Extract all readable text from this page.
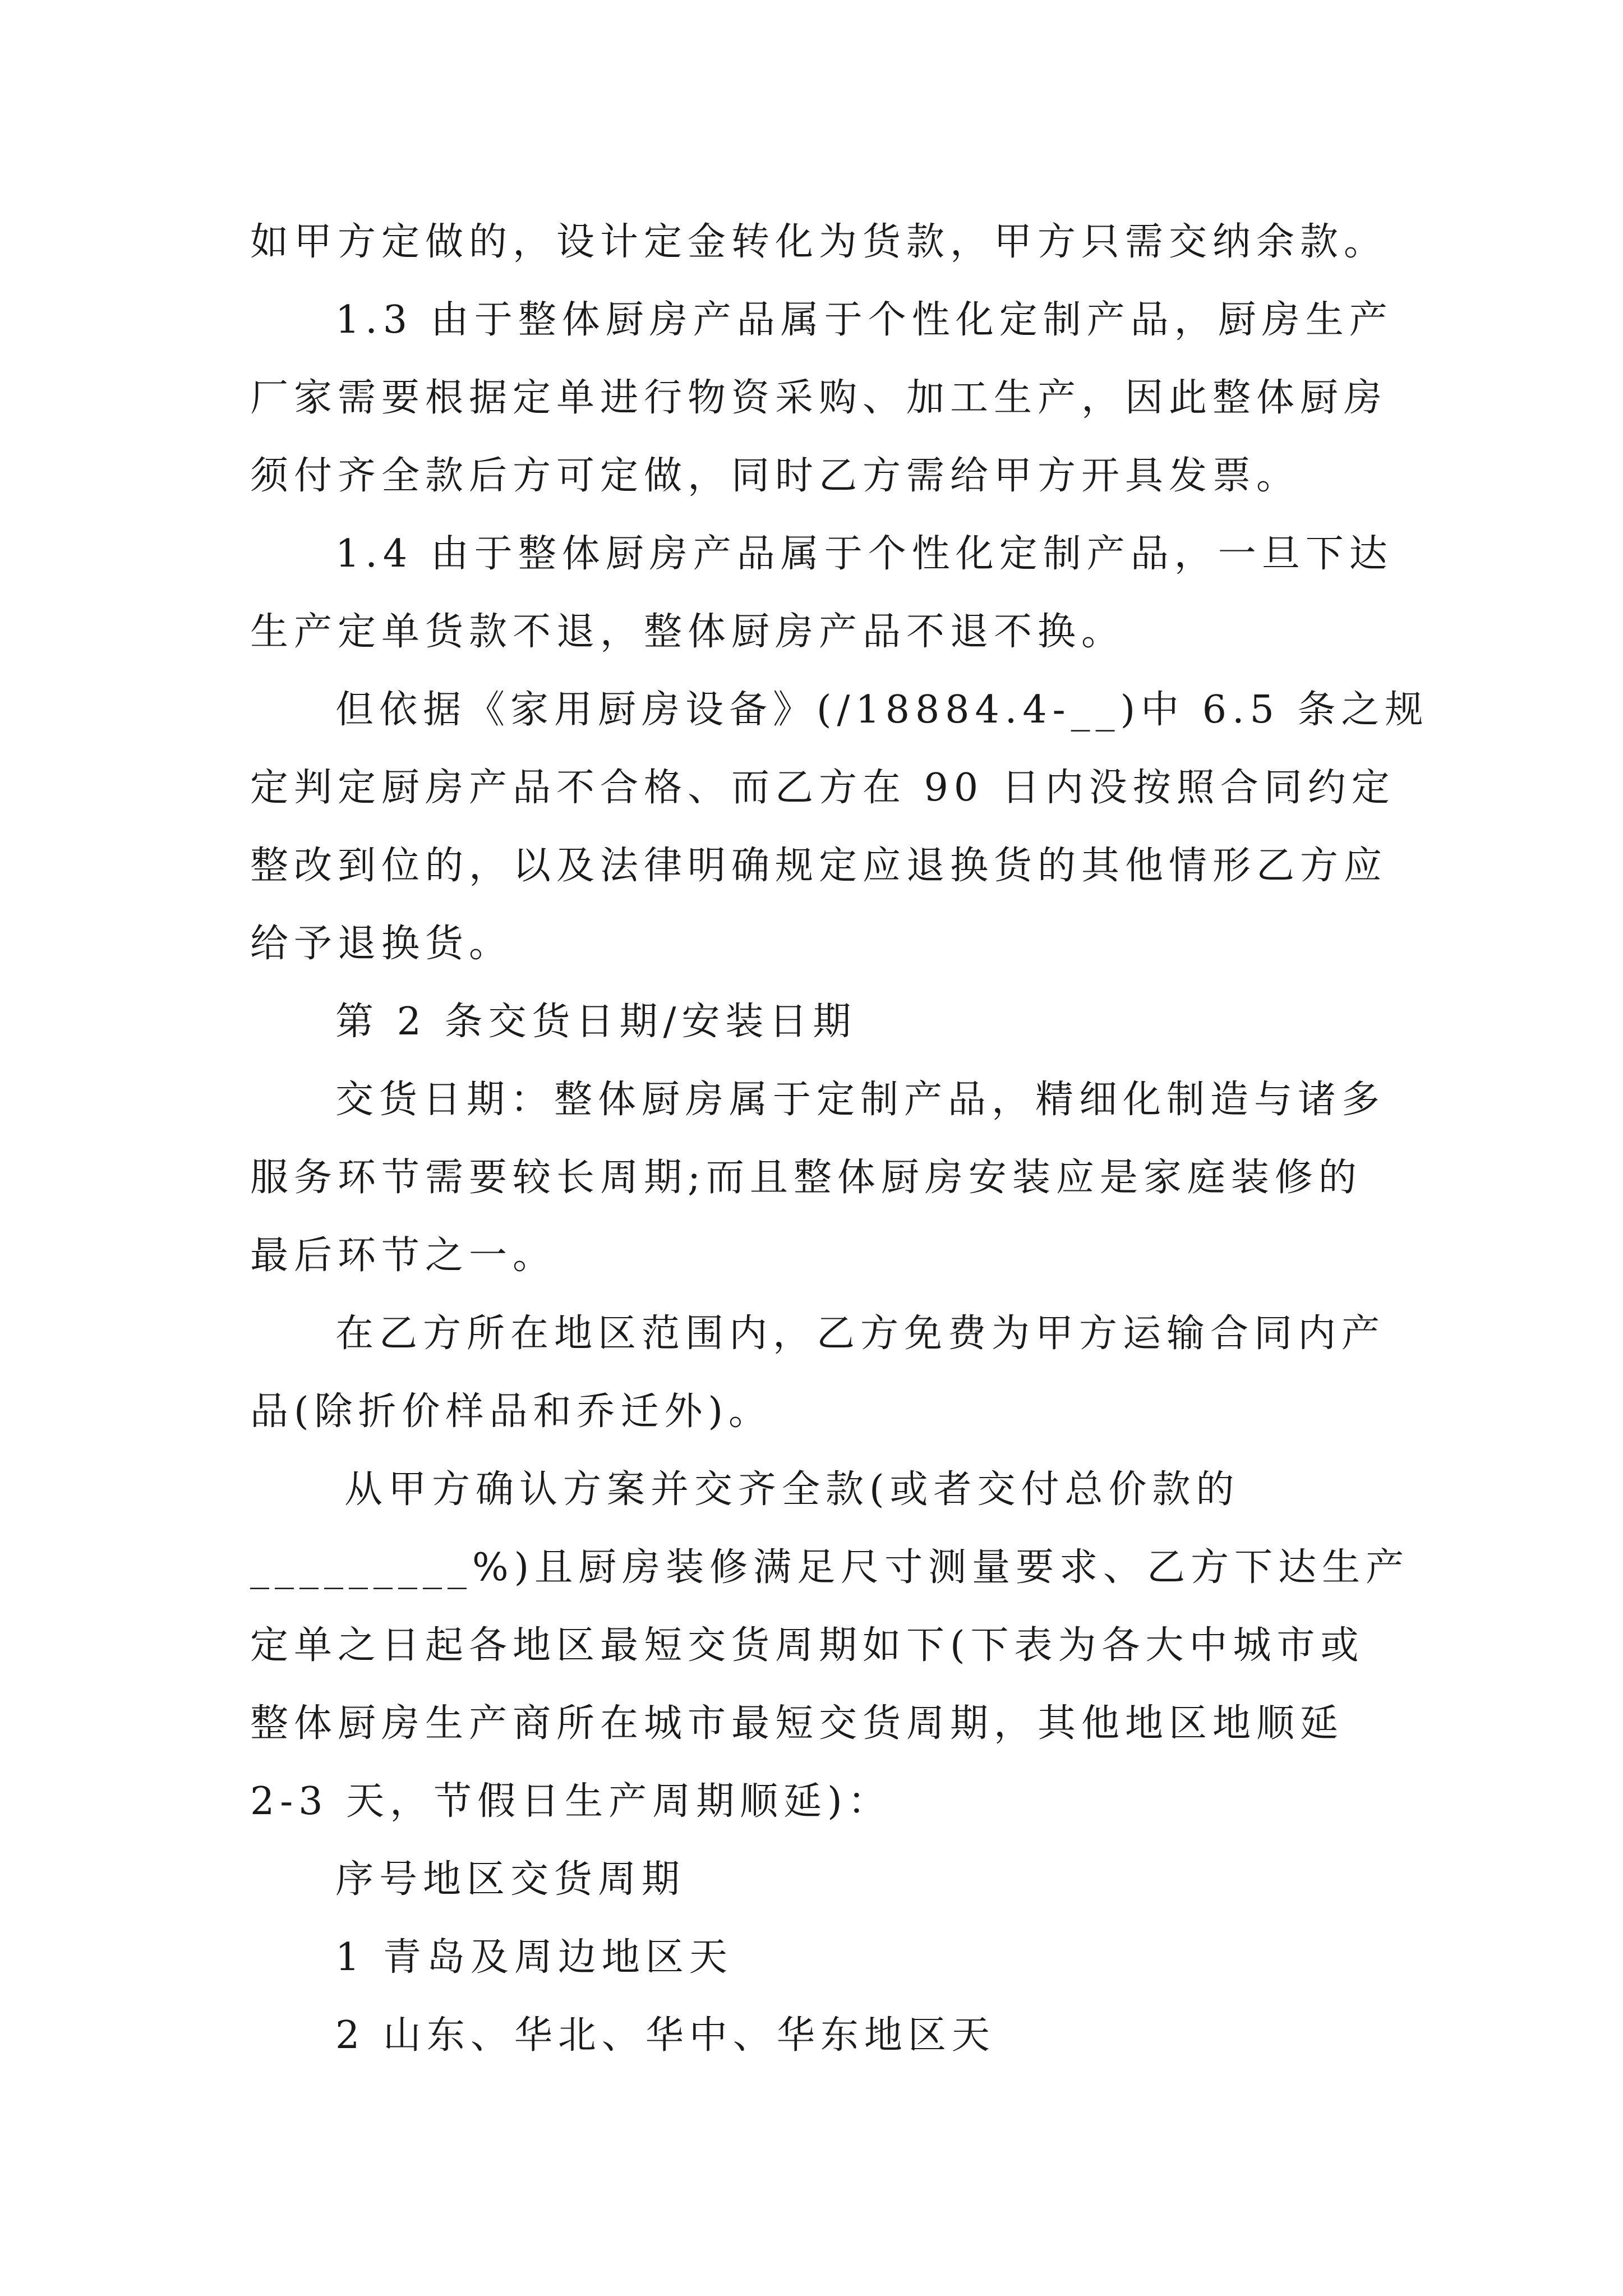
如甲方定做的，设计定金转化为货款，甲方只需交纳余款。
1.3 由于整体厨房产品属于个性化定制产品，厨房生产
厂家需要根据定单进行物资采购、加工生产，因此整体厨房
须付齐全款后方可定做，同时乙方需给甲方开具发票。
1.4 由于整体厨房产品属于个性化定制产品，一旦下达
生产定单货款不退，整体厨房产品不退不换。
但依据《家用厨房设备》(/18884.4-__)中 6.5 条之规
定判定厨房产品不合格、而乙方在 90 日内没按照合同约定
整改到位的，以及法律明确规定应退换货的其他情形乙方应
给予退换货。
第 2 条交货日期/安装日期
交货日期：整体厨房属于定制产品，精细化制造与诸多
服务环节需要较长周期;而且整体厨房安装应是家庭装修的
最后环节之一。
在乙方所在地区范围内，乙方免费为甲方运输合同内产
品(除折价样品和乔迁外)。
从甲方确认方案并交齐全款(或者交付总价款的
_________%)且厨房装修满足尺寸测量要求、乙方下达生产
定单之日起各地区最短交货周期如下(下表为各大中城市或
整体厨房生产商所在城市最短交货周期，其他地区地顺延
2-3 天，节假日生产周期顺延)：
序号地区交货周期
1 青岛及周边地区天
2 山东、华北、华中、华东地区天
